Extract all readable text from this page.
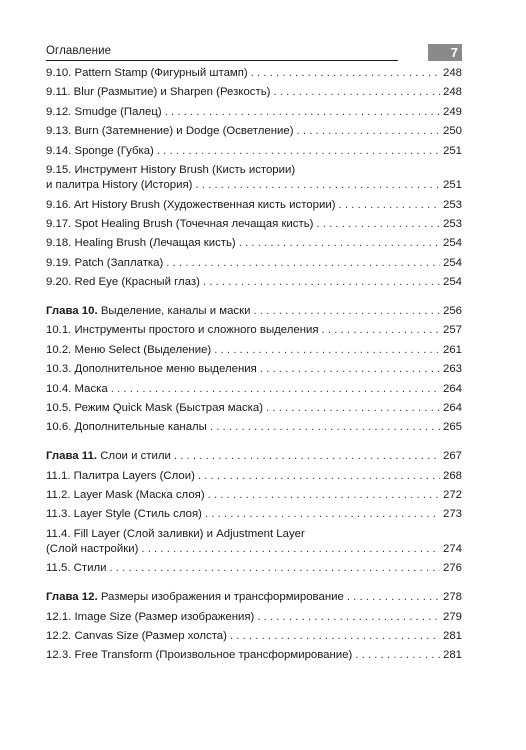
Оглавление	7
9.10. Pattern Stamp (Фигурный штамп) . . .	248
9.11. Blur (Размытие) и Sharpen (Резкость) . . .	248
9.12. Smudge (Палец) . . .	249
9.13. Burn (Затемнение) и Dodge (Осветление) . . .	250
9.14. Sponge (Губка) . . .	251
9.15. Инструмент History Brush (Кисть истории)
и палитра History (История) . . .	251
9.16. Art History Brush (Художественная кисть истории) . . .	253
9.17. Spot Healing Brush (Точечная лечащая кисть) . . .	253
9.18. Healing Brush (Лечащая кисть) . . .	254
9.19. Patch (Заплатка) . . .	254
9.20. Red Eye (Красный глаз) . . .	254
Глава 10. Выделение, каналы и маски . . .	256
10.1. Инструменты простого и сложного выделения . . .	257
10.2. Меню Select (Выделение) . . .	261
10.3. Дополнительное меню выделения . . .	263
10.4. Маска . . .	264
10.5. Режим Quick Mask (Быстрая маска) . . .	264
10.6. Дополнительные каналы . . .	265
Глава 11. Слои и стили . . .	267
11.1. Палитра Layers (Слои) . . .	268
11.2. Layer Mask (Маска слоя) . . .	272
11.3. Layer Style (Стиль слоя) . . .	273
11.4. Fill Layer (Слой заливки) и Adjustment Layer
(Слой настройки) . . .	274
11.5. Стили . . .	276
Глава 12. Размеры изображения и трансформирование . . .	278
12.1. Image Size (Размер изображения) . . .	279
12.2. Canvas Size (Размер холста) . . .	281
12.3. Free Transform (Произвольное трансформирование) . . .	281
